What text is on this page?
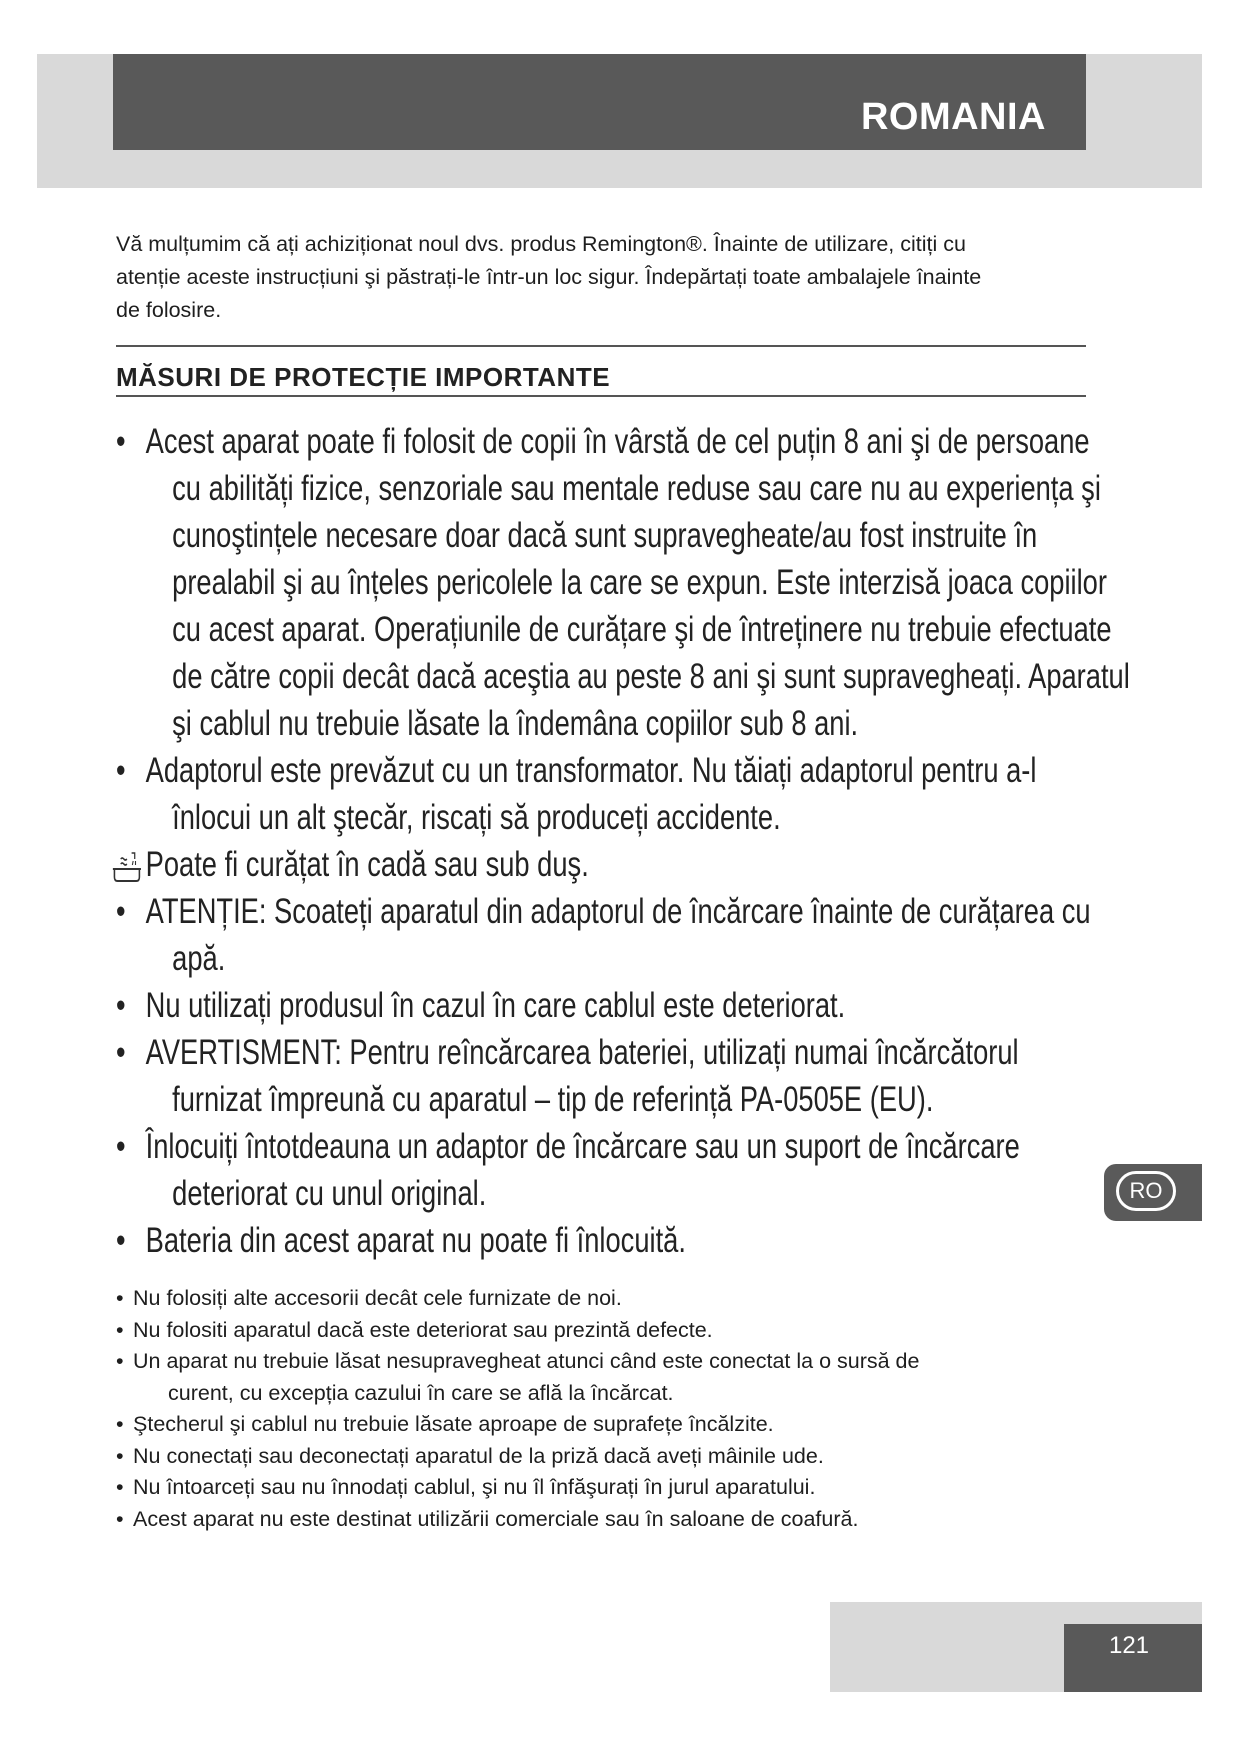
ROMANIA
Vă mulțumim că ați achiziționat noul dvs. produs Remington®. Înainte de utilizare, citiți cu
atenție aceste instrucțiuni şi păstrați-le într-un loc sigur. Îndepărtați toate ambalajele înainte
de folosire.
MĂSURI DE PROTECȚIE IMPORTANTE
• Acest aparat poate fi folosit de copii în vârstă de cel puțin 8 ani şi de persoane
cu abilități fizice, senzoriale sau mentale reduse sau care nu au experiența şi
cunoştințele necesare doar dacă sunt supravegheate/au fost instruite în
prealabil şi au înțeles pericolele la care se expun. Este interzisă joaca copiilor
cu acest aparat. Operațiunile de curățare şi de întreținere nu trebuie efectuate
de către copii decât dacă aceştia au peste 8 ani şi sunt supravegheați. Aparatul
şi cablul nu trebuie lăsate la îndemâna copiilor sub 8 ani.
• Adaptorul este prevăzut cu un transformator. Nu tăiați adaptorul pentru a-l
înlocui un alt ştecăr, riscați să produceți accidente.
Poate fi curățat în cadă sau sub duş.
• ATENȚIE: Scoateți aparatul din adaptorul de încărcare înainte de curățarea cu
apă.
• Nu utilizați produsul în cazul în care cablul este deteriorat.
• AVERTISMENT: Pentru reîncărcarea bateriei, utilizați numai încărcătorul
furnizat împreună cu aparatul – tip de referință PA-0505E (EU).
• Înlocuiți întotdeauna un adaptor de încărcare sau un suport de încărcare
deteriorat cu unul original.
• Bateria din acest aparat nu poate fi înlocuită.
• Nu folosiți alte accesorii decât cele furnizate de noi.
• Nu folositi aparatul dacă este deteriorat sau prezintă defecte.
• Un aparat nu trebuie lăsat nesupravegheat atunci când este conectat la o sursă de
curent, cu excepția cazului în care se află la încărcat.
• Ştecherul şi cablul nu trebuie lăsate aproape de suprafețe încălzite.
• Nu conectați sau deconectați aparatul de la priză dacă aveți mâinile ude.
• Nu întoarceți sau nu înnodați cablul, şi nu îl înfăşurați în jurul aparatului.
• Acest aparat nu este destinat utilizării comerciale sau în saloane de coafură.
RO
121
